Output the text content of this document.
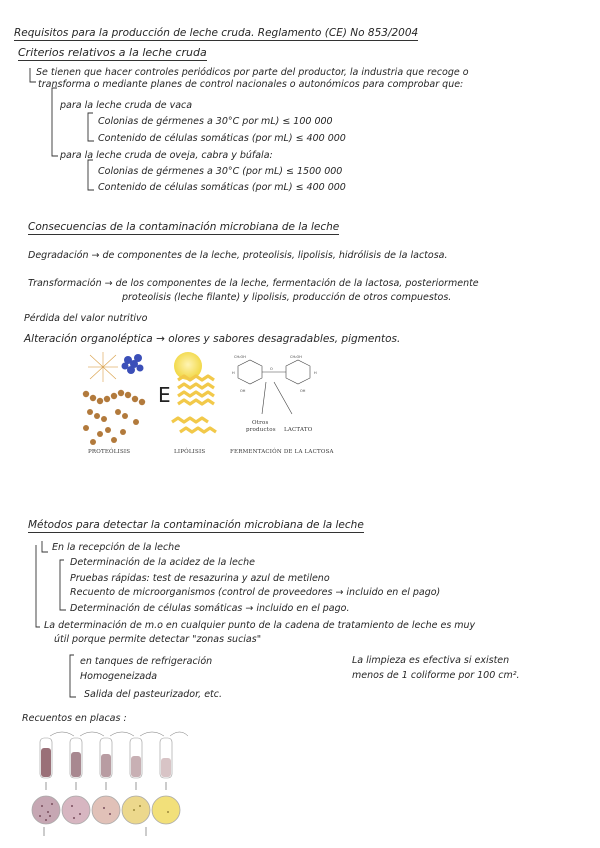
Requisitos para la producción de leche cruda. Reglamento (CE) No 853/2004
Criterios relativos a la leche cruda
Se tienen que hacer controles periódicos por parte del productor, la industria que recoge o
transforma o mediante planes de control nacionales o autonómicos para comprobar que:
para la leche cruda de vaca
Colonias de gérmenes a 30°C por mL) ≤ 100 000
Contenido de células somáticas (por mL) ≤ 400 000
para la leche cruda de oveja, cabra y búfala:
Colonias de gérmenes a 30°C (por mL) ≤ 1500 000
Contenido de células somáticas (por mL) ≤ 400 000
Consecuencias de la contaminación microbiana de la leche
Degradación → de componentes de la leche, proteolisis, lipolisis, hidrólisis de la lactosa.
Transformación → de los componentes de la leche, fermentación de la lactosa, posteriormente
proteolisis (leche filante) y lipolisis, producción de otros compuestos.
Pérdida del valor nutritivo
Alteración organoléptica → olores y sabores desagradables, pigmentos.
PROTEÓLISIS
E
LIPÓLISIS
CH₂OH	CH₂OH
O
H	H
OH	OH
Otros
productos LACTATO
FERMENTACIÓN DE LA LACTOSA
Métodos para detectar la contaminación microbiana de la leche
En la recepción de la leche
Determinación de la acidez de la leche
Pruebas rápidas: test de resazurina y azul de metileno
Recuento de microorganismos (control de proveedores → incluido en el pago)
Determinación de células somáticas → incluido en el pago.
La determinación de m.o en cualquier punto de la cadena de tratamiento de leche es muy
útil porque permite detectar "zonas sucias"
en tanques de refrigeración
Homogeneizada
Salida del pasteurizador, etc.
La limpieza es efectiva si existen
menos de 1 coliforme por 100 cm².
Recuentos en placas :
